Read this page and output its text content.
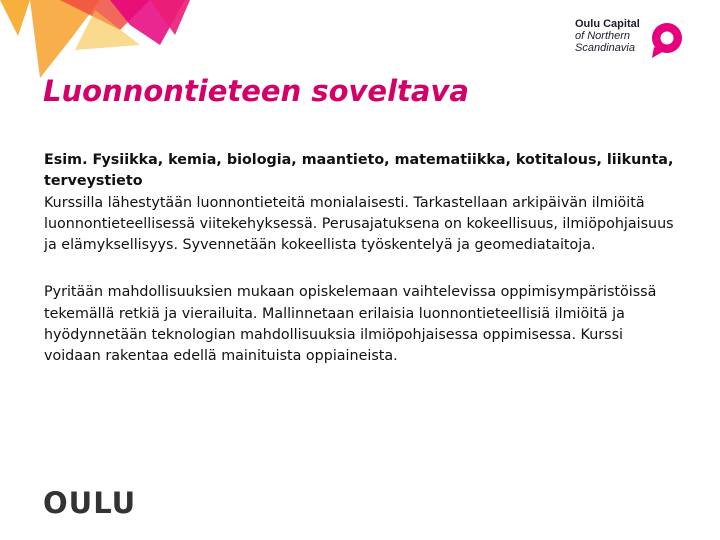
Oulu Capital
of Northern
Scandinavia
Luonnontieteen soveltava

Esim. Fysiikka, kemia, biologia, maantieto, matematiikka, kotitalous, liikunta, terveystieto

Kurssilla lähestytään luonnontieteitä monialaisesti. Tarkastellaan arkipäivän ilmiöitä luonnontieteellisessä viitekehyksessä. Perusajatuksena on kokeellisuus, ilmiöpohjaisuus ja elämyksellisyys. Syvennetään kokeellista työskentelyä ja geomediataitoja.

Pyritään mahdollisuuksien mukaan opiskelemaan vaihtelevissa oppimisympäristöissä tekemällä retkiä ja vierailuita. Mallinnetaan erilaisia luonnontieteellisiä ilmiöitä ja hyödynnetään teknologian mahdollisuuksia ilmiöpohjaisessa oppimisessa. Kurssi voidaan rakentaa edellä mainituista oppiaineista.

OULU
